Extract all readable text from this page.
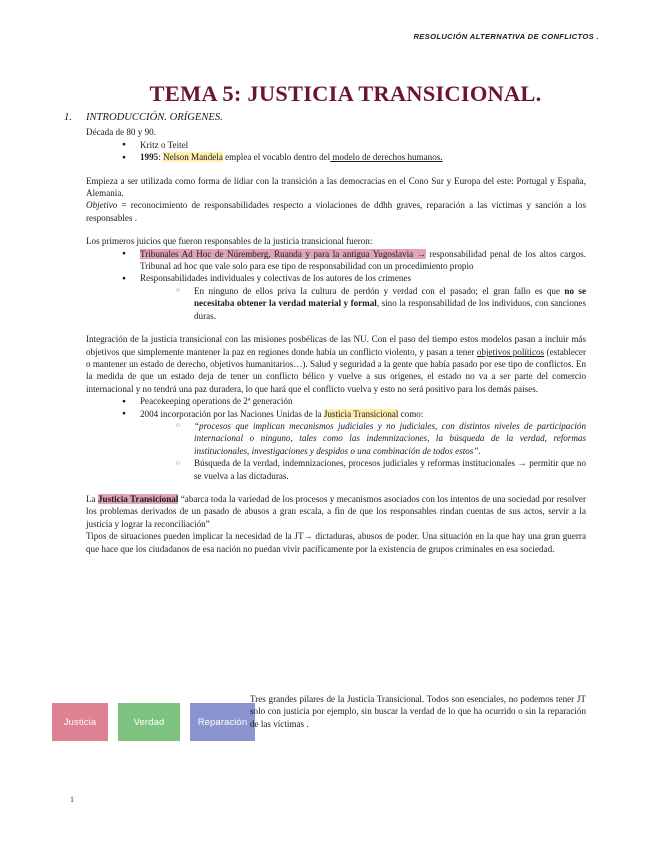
RESOLUCIÓN ALTERNATIVA DE CONFLICTOS .
TEMA 5: JUSTICIA TRANSICIONAL.
1. INTRODUCCIÓN. ORÍGENES.

Década de 80 y 90.

● Kritz o Teitel
● 1995: Nelson Mandela emplea el vocablo dentro del modelo de derechos humanos.

Empieza a ser utilizada como forma de lidiar con la transición a las democracias en el Cono Sur y Europa del este: Portugal y España, Alemania.

Objetivo = reconocimiento de responsabilidades respecto a violaciones de ddhh graves, reparación a las víctimas y sanción a los responsables .

Los primeros juicios que fueron responsables de la justicia transicional fueron:

● Tribunales Ad Hoc de Núremberg, Ruanda y para la antigua Yugoslavia → responsabilidad penal de los altos cargos. Tribunal ad hoc que vale solo para ese tipo de responsabilidad con un procedimiento propio
● Responsabilidades individuales y colectivas de los autores de los crímenes
○ En ninguno de ellos priva la cultura de perdón y verdad con el pasado; el gran fallo es que no se necesitaba obtener la verdad material y formal, sino la responsabilidad de los individuos, con sanciones duras.

Integración de la justicia transicional con las misiones posbélicas de las NU. Con el paso del tiempo estos modelos pasan a incluir más objetivos que simplemente mantener la paz en regiones donde había un conflicto violento, y pasan a tener objetivos políticos (establecer o mantener un estado de derecho, objetivos humanitarios…). Salud y seguridad a la gente que había pasado por ese tipo de conflictos. En la medida de que un estado deja de tener un conflicto bélico y vuelve a sus orígenes, el estado no va a ser parte del comercio internacional y no tendrá una paz duradera, lo que hará que el conflicto vuelva y esto no será positivo para los demás países.

● Peacekeeping operations de 2ª generación
● 2004 incorporación por las Naciones Unidas de la Justicia Transicional como:
○ “procesos que implican mecanismos judiciales y no judiciales, con distintos niveles de participación internacional o ninguno, tales como las indemnizaciones, la búsqueda de la verdad, reformas institucionales, investigaciones y despidos o una combinación de todos estos”.
○ Búsqueda de la verdad, indemnizaciones, procesos judiciales y reformas institucionales → permitir que no se vuelva a las dictaduras.

La Justicia Transicional “abarca toda la variedad de los procesos y mecanismos asociados con los intentos de una sociedad por resolver los problemas derivados de un pasado de abusos a gran escala, a fin de que los responsables rindan cuentas de sus actos, servir a la justicia y lograr la reconciliación”

Tipos de situaciones pueden implicar la necesidad de la JT→ dictaduras, abusos de poder. Una situación en la que hay una gran guerra que hace que los ciudadanos de esa nación no puedan vivir pacíficamente por la existencia de grupos criminales en esa sociedad.

Justicia	Verdad	Reparación
Tres grandes pilares de la Justicia Transicional. Todos son esenciales, no podemos tener JT solo con justicia por ejemplo, sin buscar la verdad de lo que ha ocurrido o sin la reparación de las víctimas .
1
